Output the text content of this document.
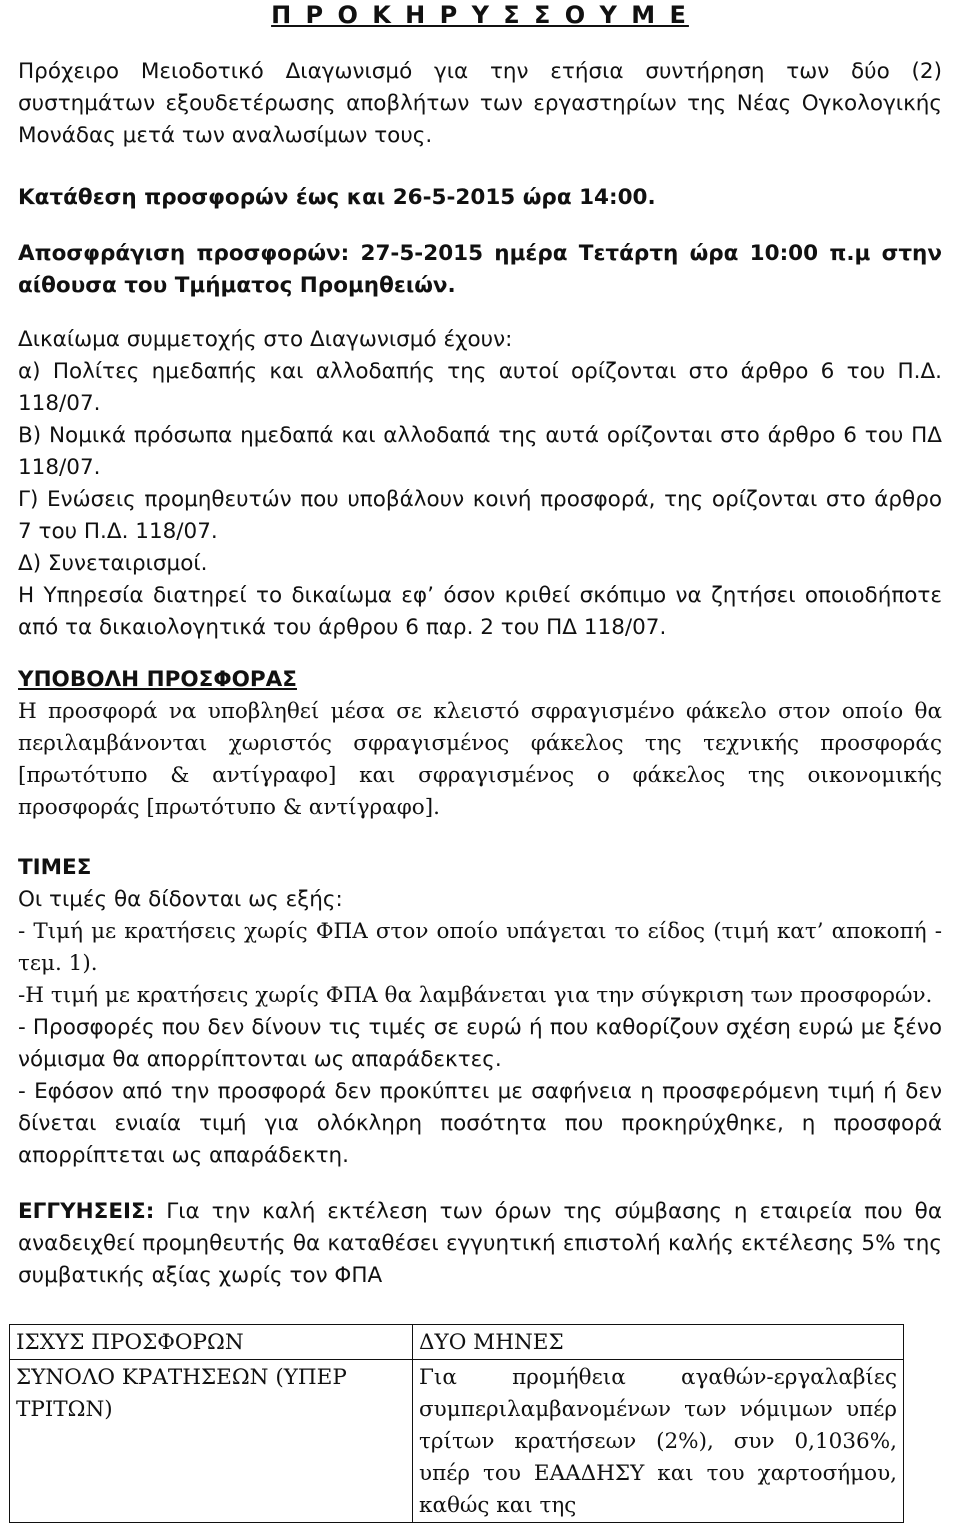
Π Ρ Ο Κ Η Ρ Υ Σ Σ Ο Υ Μ Ε

Πρόχειρο Μειοδοτικό Διαγωνισμό για την ετήσια συντήρηση των δύο (2) συστημάτων εξουδετέρωσης αποβλήτων των εργαστηρίων της Νέας Ογκολογικής Μονάδας μετά των αναλωσίμων τους.

Κατάθεση προσφορών έως και 26-5-2015 ώρα 14:00.

Αποσφράγιση προσφορών: 27-5-2015 ημέρα Τετάρτη ώρα 10:00 π.μ στην αίθουσα του Τμήματος Προμηθειών.

Δικαίωμα συμμετοχής στο Διαγωνισμό έχουν:

α) Πολίτες ημεδαπής και αλλοδαπής της αυτοί ορίζονται στο άρθρο 6 του Π.Δ. 118/07.

Β) Νομικά πρόσωπα ημεδαπά και αλλοδαπά της αυτά ορίζονται στο άρθρο 6 του ΠΔ 118/07.

Γ) Ενώσεις προμηθευτών που υποβάλουν κοινή προσφορά, της ορίζονται στο άρθρο 7 του Π.Δ. 118/07.

Δ) Συνεταιρισμοί.

Η Υπηρεσία διατηρεί το δικαίωμα εφ’ όσον κριθεί σκόπιμο να ζητήσει οποιοδήποτε από τα δικαιολογητικά του άρθρου 6 παρ. 2 του ΠΔ 118/07.

ΥΠΟΒΟΛΗ ΠΡΟΣΦΟΡΑΣ

Η προσφορά να υποβληθεί μέσα σε κλειστό σφραγισμένο φάκελο στον οποίο θα περιλαμβάνονται χωριστός σφραγισμένος φάκελος της τεχνικής προσφοράς [πρωτότυπο & αντίγραφο] και σφραγισμένος ο φάκελος της οικονομικής προσφοράς [πρωτότυπο & αντίγραφο].

ΤΙΜΕΣ

Οι τιμές θα δίδονται ως εξής:

- Τιμή με κρατήσεις χωρίς ΦΠΑ στον οποίο υπάγεται το είδος (τιμή κατ’ αποκοπή - τεμ. 1).

-Η τιμή με κρατήσεις χωρίς ΦΠΑ θα λαμβάνεται για την σύγκριση των προσφορών.

- Προσφορές που δεν δίνουν τις τιμές σε ευρώ ή που καθορίζουν σχέση ευρώ με ξένο νόμισμα θα απορρίπτονται ως απαράδεκτες.

- Εφόσον από την προσφορά δεν προκύπτει με σαφήνεια η προσφερόμενη τιμή ή δεν δίνεται ενιαία τιμή για ολόκληρη ποσότητα που προκηρύχθηκε, η προσφορά απορρίπτεται ως απαράδεκτη.

ΕΓΓΥΗΣΕΙΣ: Για την καλή εκτέλεση των όρων της σύμβασης η εταιρεία που θα αναδειχθεί προμηθευτής θα καταθέσει εγγυητική επιστολή καλής εκτέλεσης 5% της συμβατικής αξίας χωρίς τον ΦΠΑ

ΙΣΧΥΣ ΠΡΟΣΦΟΡΩΝ	ΔΥΟ ΜΗΝΕΣ
ΣΥΝΟΛΟ ΚΡΑΤΗΣΕΩΝ (ΥΠΕΡ ΤΡΙΤΩΝ)	Για προμήθεια αγαθών-εργαλαβίες συμπεριλαμβανομένων των νόμιμων υπέρ τρίτων κρατήσεων (2%), συν 0,1036%, υπέρ του ΕΑΑΔΗΣΥ και του χαρτοσήμου, καθώς και της
